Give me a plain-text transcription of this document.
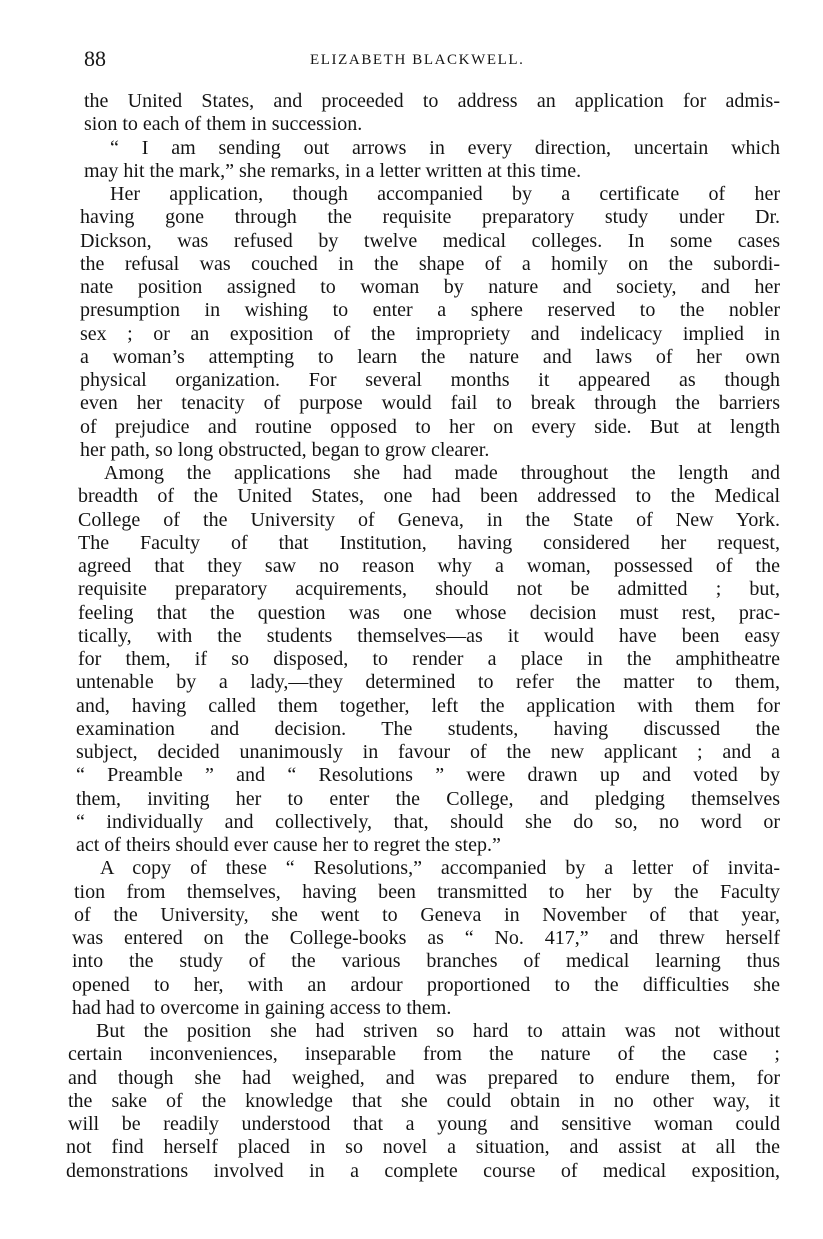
88	ELIZABETH BLACKWELL.
the United States, and proceeded to address an application for admis-
sion to each of them in succession.
“ I am sending out arrows in every direction, uncertain which
may hit the mark,” she remarks, in a letter written at this time.
Her application, though accompanied by a certificate of her
having gone through the requisite preparatory study under Dr.
Dickson, was refused by twelve medical colleges. In some cases
the refusal was couched in the shape of a homily on the subordi-
nate position assigned to woman by nature and society, and her
presumption in wishing to enter a sphere reserved to the nobler
sex ; or an exposition of the impropriety and indelicacy implied in
a woman’s attempting to learn the nature and laws of her own
physical organization. For several months it appeared as though
even her tenacity of purpose would fail to break through the barriers
of prejudice and routine opposed to her on every side. But at length
her path, so long obstructed, began to grow clearer.
Among the applications she had made throughout the length and
breadth of the United States, one had been addressed to the Medical
College of the University of Geneva, in the State of New York.
The Faculty of that Institution, having considered her request,
agreed that they saw no reason why a woman, possessed of the
requisite preparatory acquirements, should not be admitted ; but,
feeling that the question was one whose decision must rest, prac-
tically, with the students themselves—as it would have been easy
for them, if so disposed, to render a place in the amphitheatre
untenable by a lady,—they determined to refer the matter to them,
and, having called them together, left the application with them for
examination and decision. The students, having discussed the
subject, decided unanimously in favour of the new applicant ; and a
“ Preamble ” and “ Resolutions ” were drawn up and voted by
them, inviting her to enter the College, and pledging themselves
“ individually and collectively, that, should she do so, no word or
act of theirs should ever cause her to regret the step.”
A copy of these “ Resolutions,” accompanied by a letter of invita-
tion from themselves, having been transmitted to her by the Faculty
of the University, she went to Geneva in November of that year,
was entered on the College-books as “ No. 417,” and threw herself
into the study of the various branches of medical learning thus
opened to her, with an ardour proportioned to the difficulties she
had had to overcome in gaining access to them.
But the position she had striven so hard to attain was not without
certain inconveniences, inseparable from the nature of the case ;
and though she had weighed, and was prepared to endure them, for
the sake of the knowledge that she could obtain in no other way, it
will be readily understood that a young and sensitive woman could
not find herself placed in so novel a situation, and assist at all the
demonstrations involved in a complete course of medical exposition,
